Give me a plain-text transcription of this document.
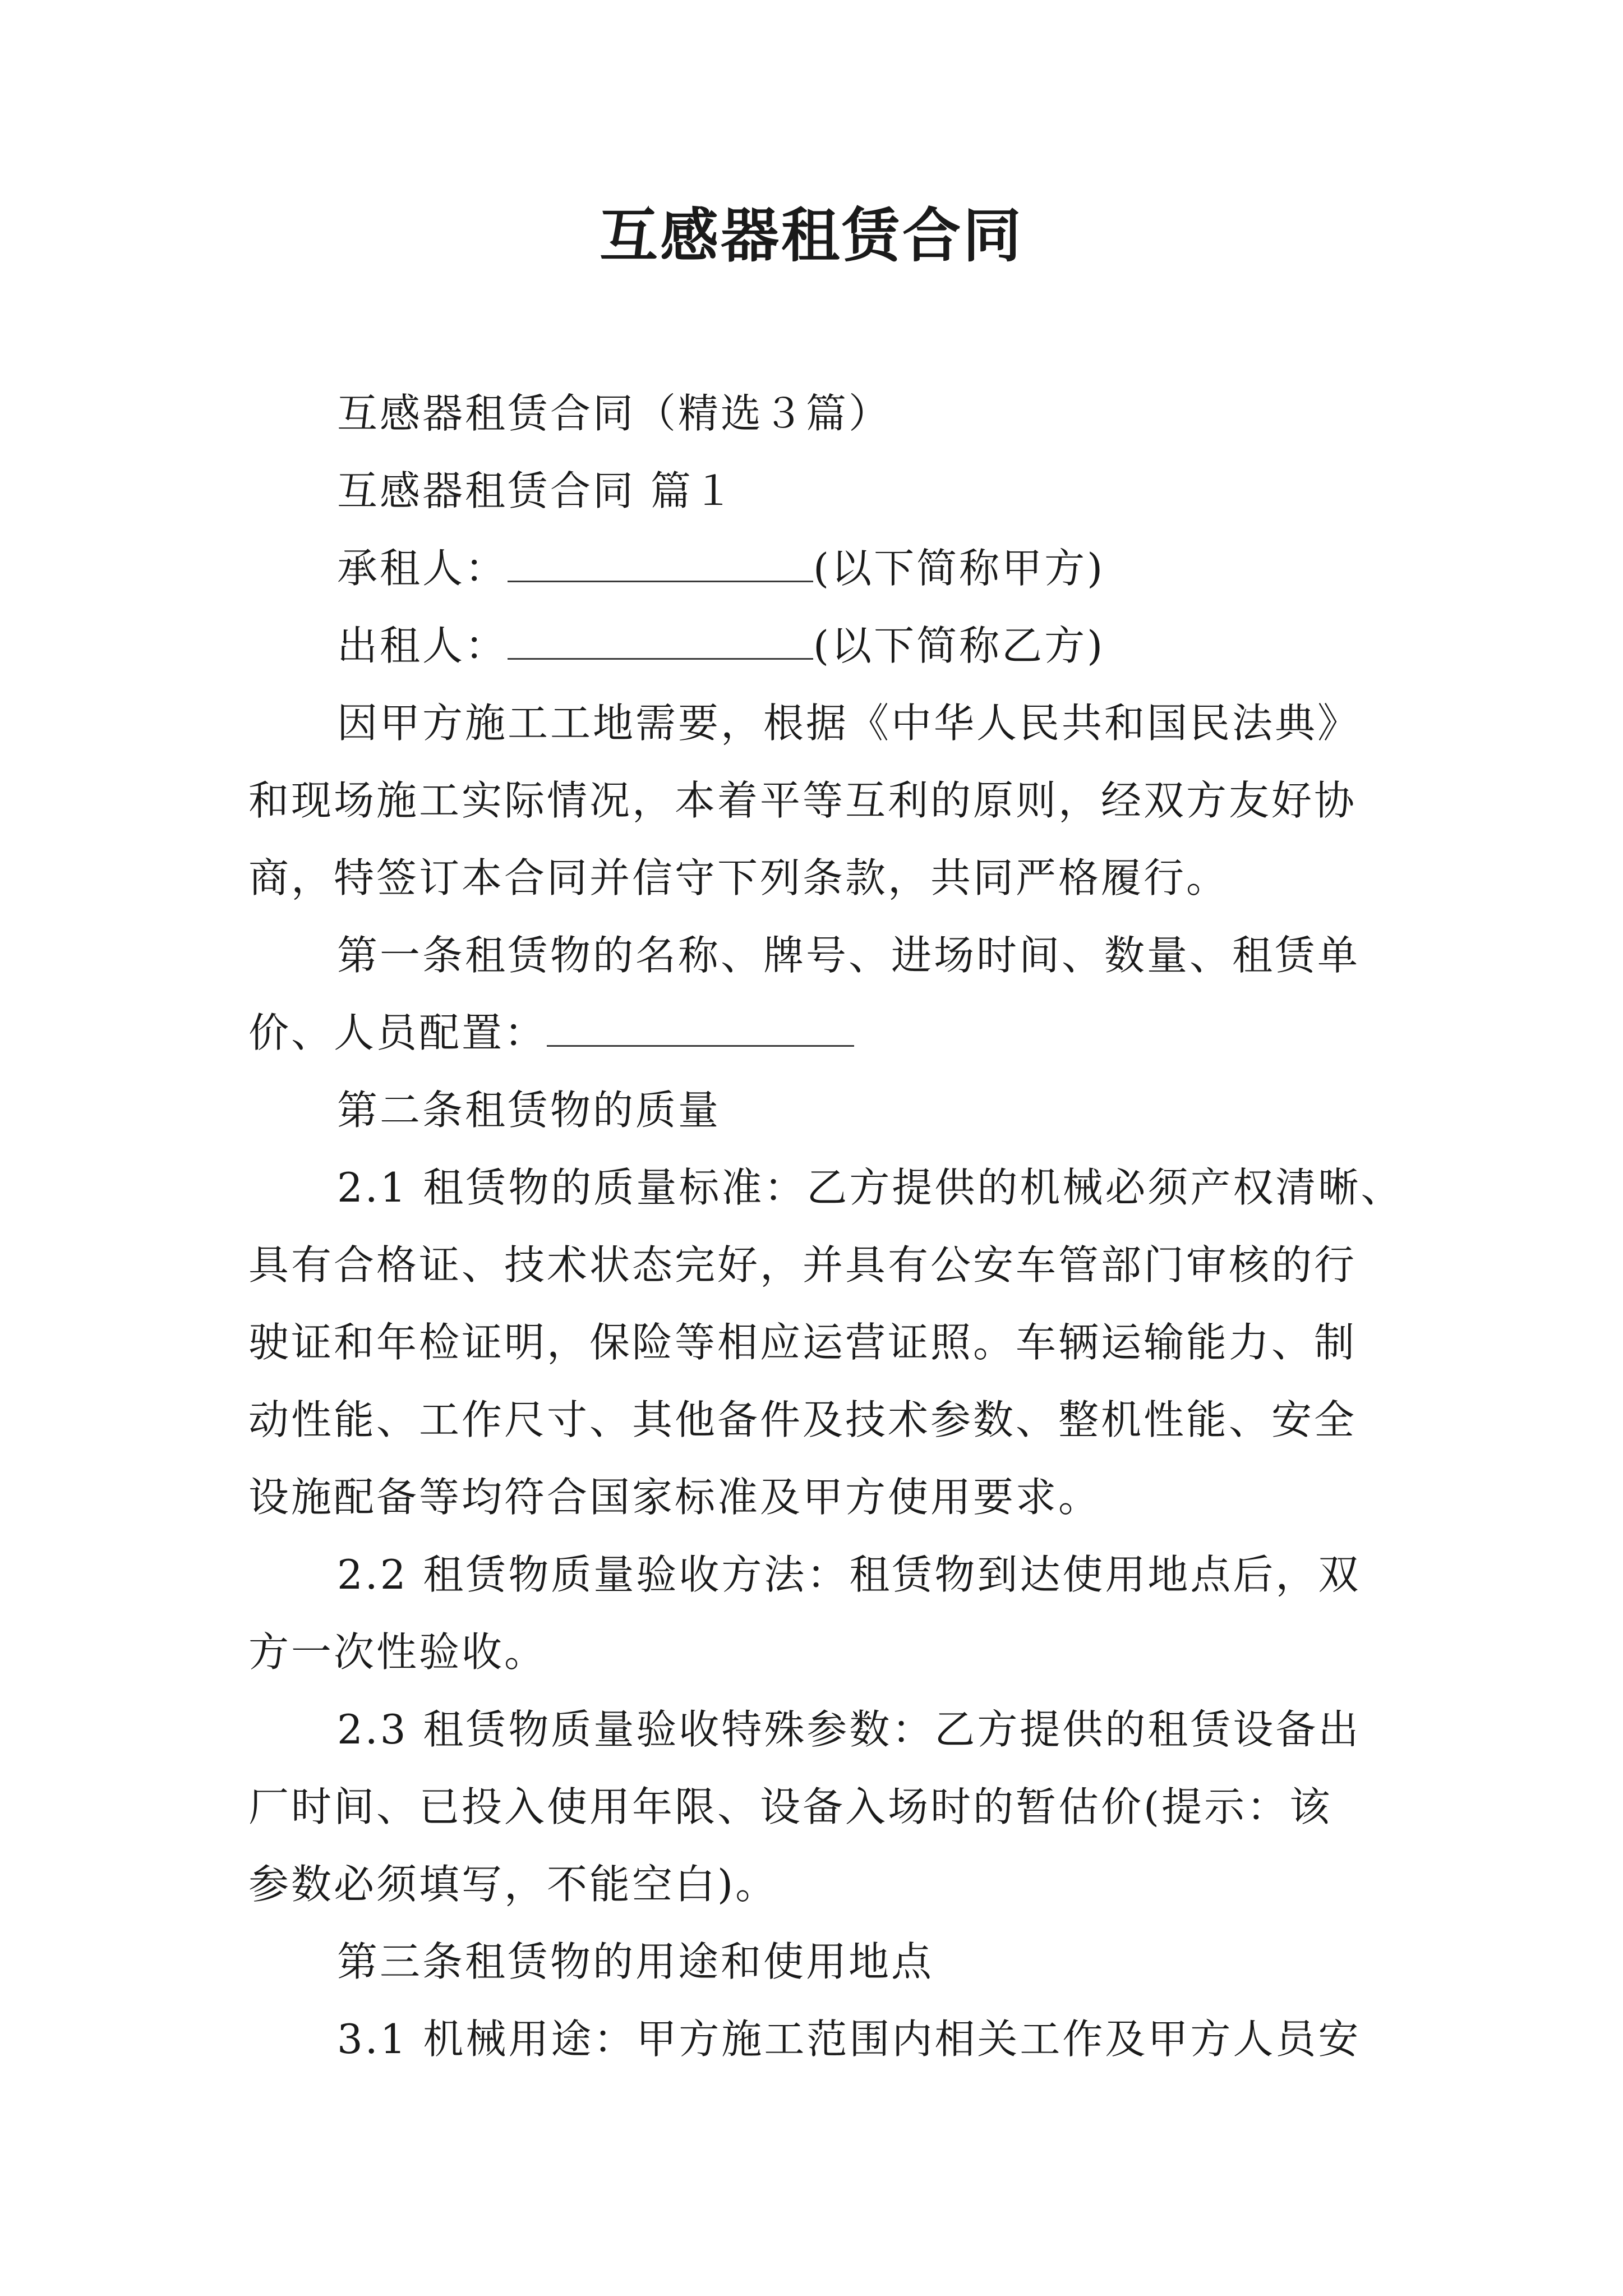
互感器租赁合同

互感器租赁合同（精选３篇）

互感器租赁合同 篇１

承租人：	(以下简称甲方)

出租人：	(以下简称乙方)

因甲方施工工地需要，根据《中华人民共和国民法典》

和现场施工实际情况，本着平等互利的原则，经双方友好协

商，特签订本合同并信守下列条款，共同严格履行。

第一条租赁物的名称、牌号、进场时间、数量、租赁单

价、人员配置：

第二条租赁物的质量

2.1 租赁物的质量标准：乙方提供的机械必须产权清晰、

具有合格证、技术状态完好，并具有公安车管部门审核的行

驶证和年检证明，保险等相应运营证照。车辆运输能力、制

动性能、工作尺寸、其他备件及技术参数、整机性能、安全

设施配备等均符合国家标准及甲方使用要求。

2.2 租赁物质量验收方法：租赁物到达使用地点后，双

方一次性验收。

2.3 租赁物质量验收特殊参数：乙方提供的租赁设备出

厂时间、已投入使用年限、设备入场时的暂估价(提示：该

参数必须填写，不能空白)。

第三条租赁物的用途和使用地点

3.1 机械用途：甲方施工范围内相关工作及甲方人员安
